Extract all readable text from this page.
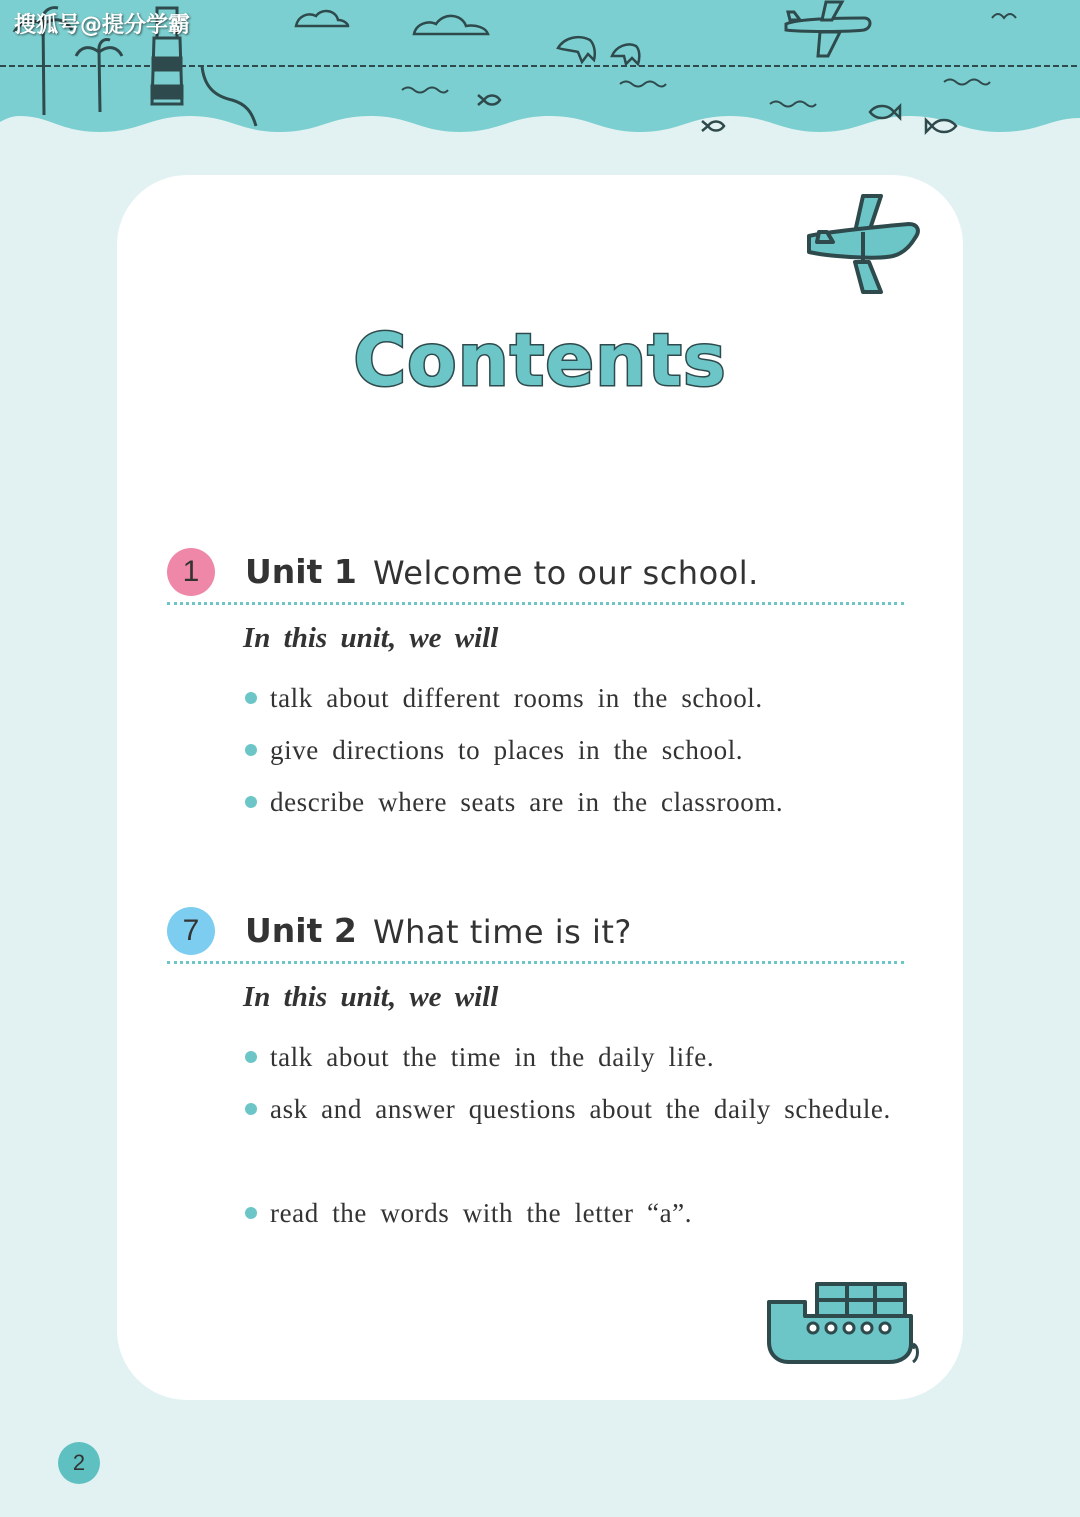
搜狐号@提分学霸
Contents
1	Unit 1 Welcome to our school.
In this unit, we will
talk about different rooms in the school.
give directions to places in the school.
describe where seats are in the classroom.
7	Unit 2 What time is it?
In this unit, we will
talk about the time in the daily life.
ask and answer questions about the daily schedule.
read the words with the letter “a”.
2
